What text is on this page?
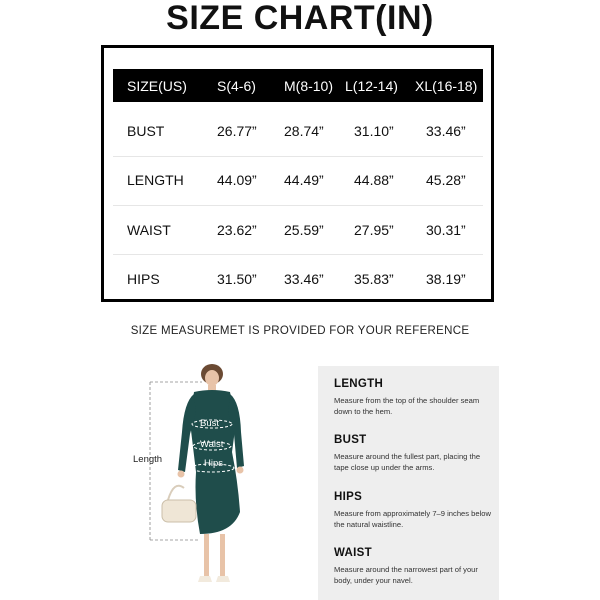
SIZE CHART(IN)
SIZE(US) S(4-6) M(8-10) L(12-14) XL(16-18)
BUST	26.77” 28.74” 31.10” 33.46”
LENGTH 44.09” 44.49” 44.88” 45.28”
WAIST	23.62” 25.59” 27.95” 30.31”
HIPS	31.50” 33.46” 35.83” 38.19”
SIZE MEASUREMET IS PROVIDED FOR YOUR REFERENCE
Length
Bust
Waist
Hips
LENGTH
Measure from the top of the shoulder seam down to the hem.
BUST
Measure around the fullest part, placing the tape close up under the arms.
HIPS
Measure from approximately 7–9 inches below the natural waistline.
WAIST
Measure around the narrowest part of your body, under your navel.
